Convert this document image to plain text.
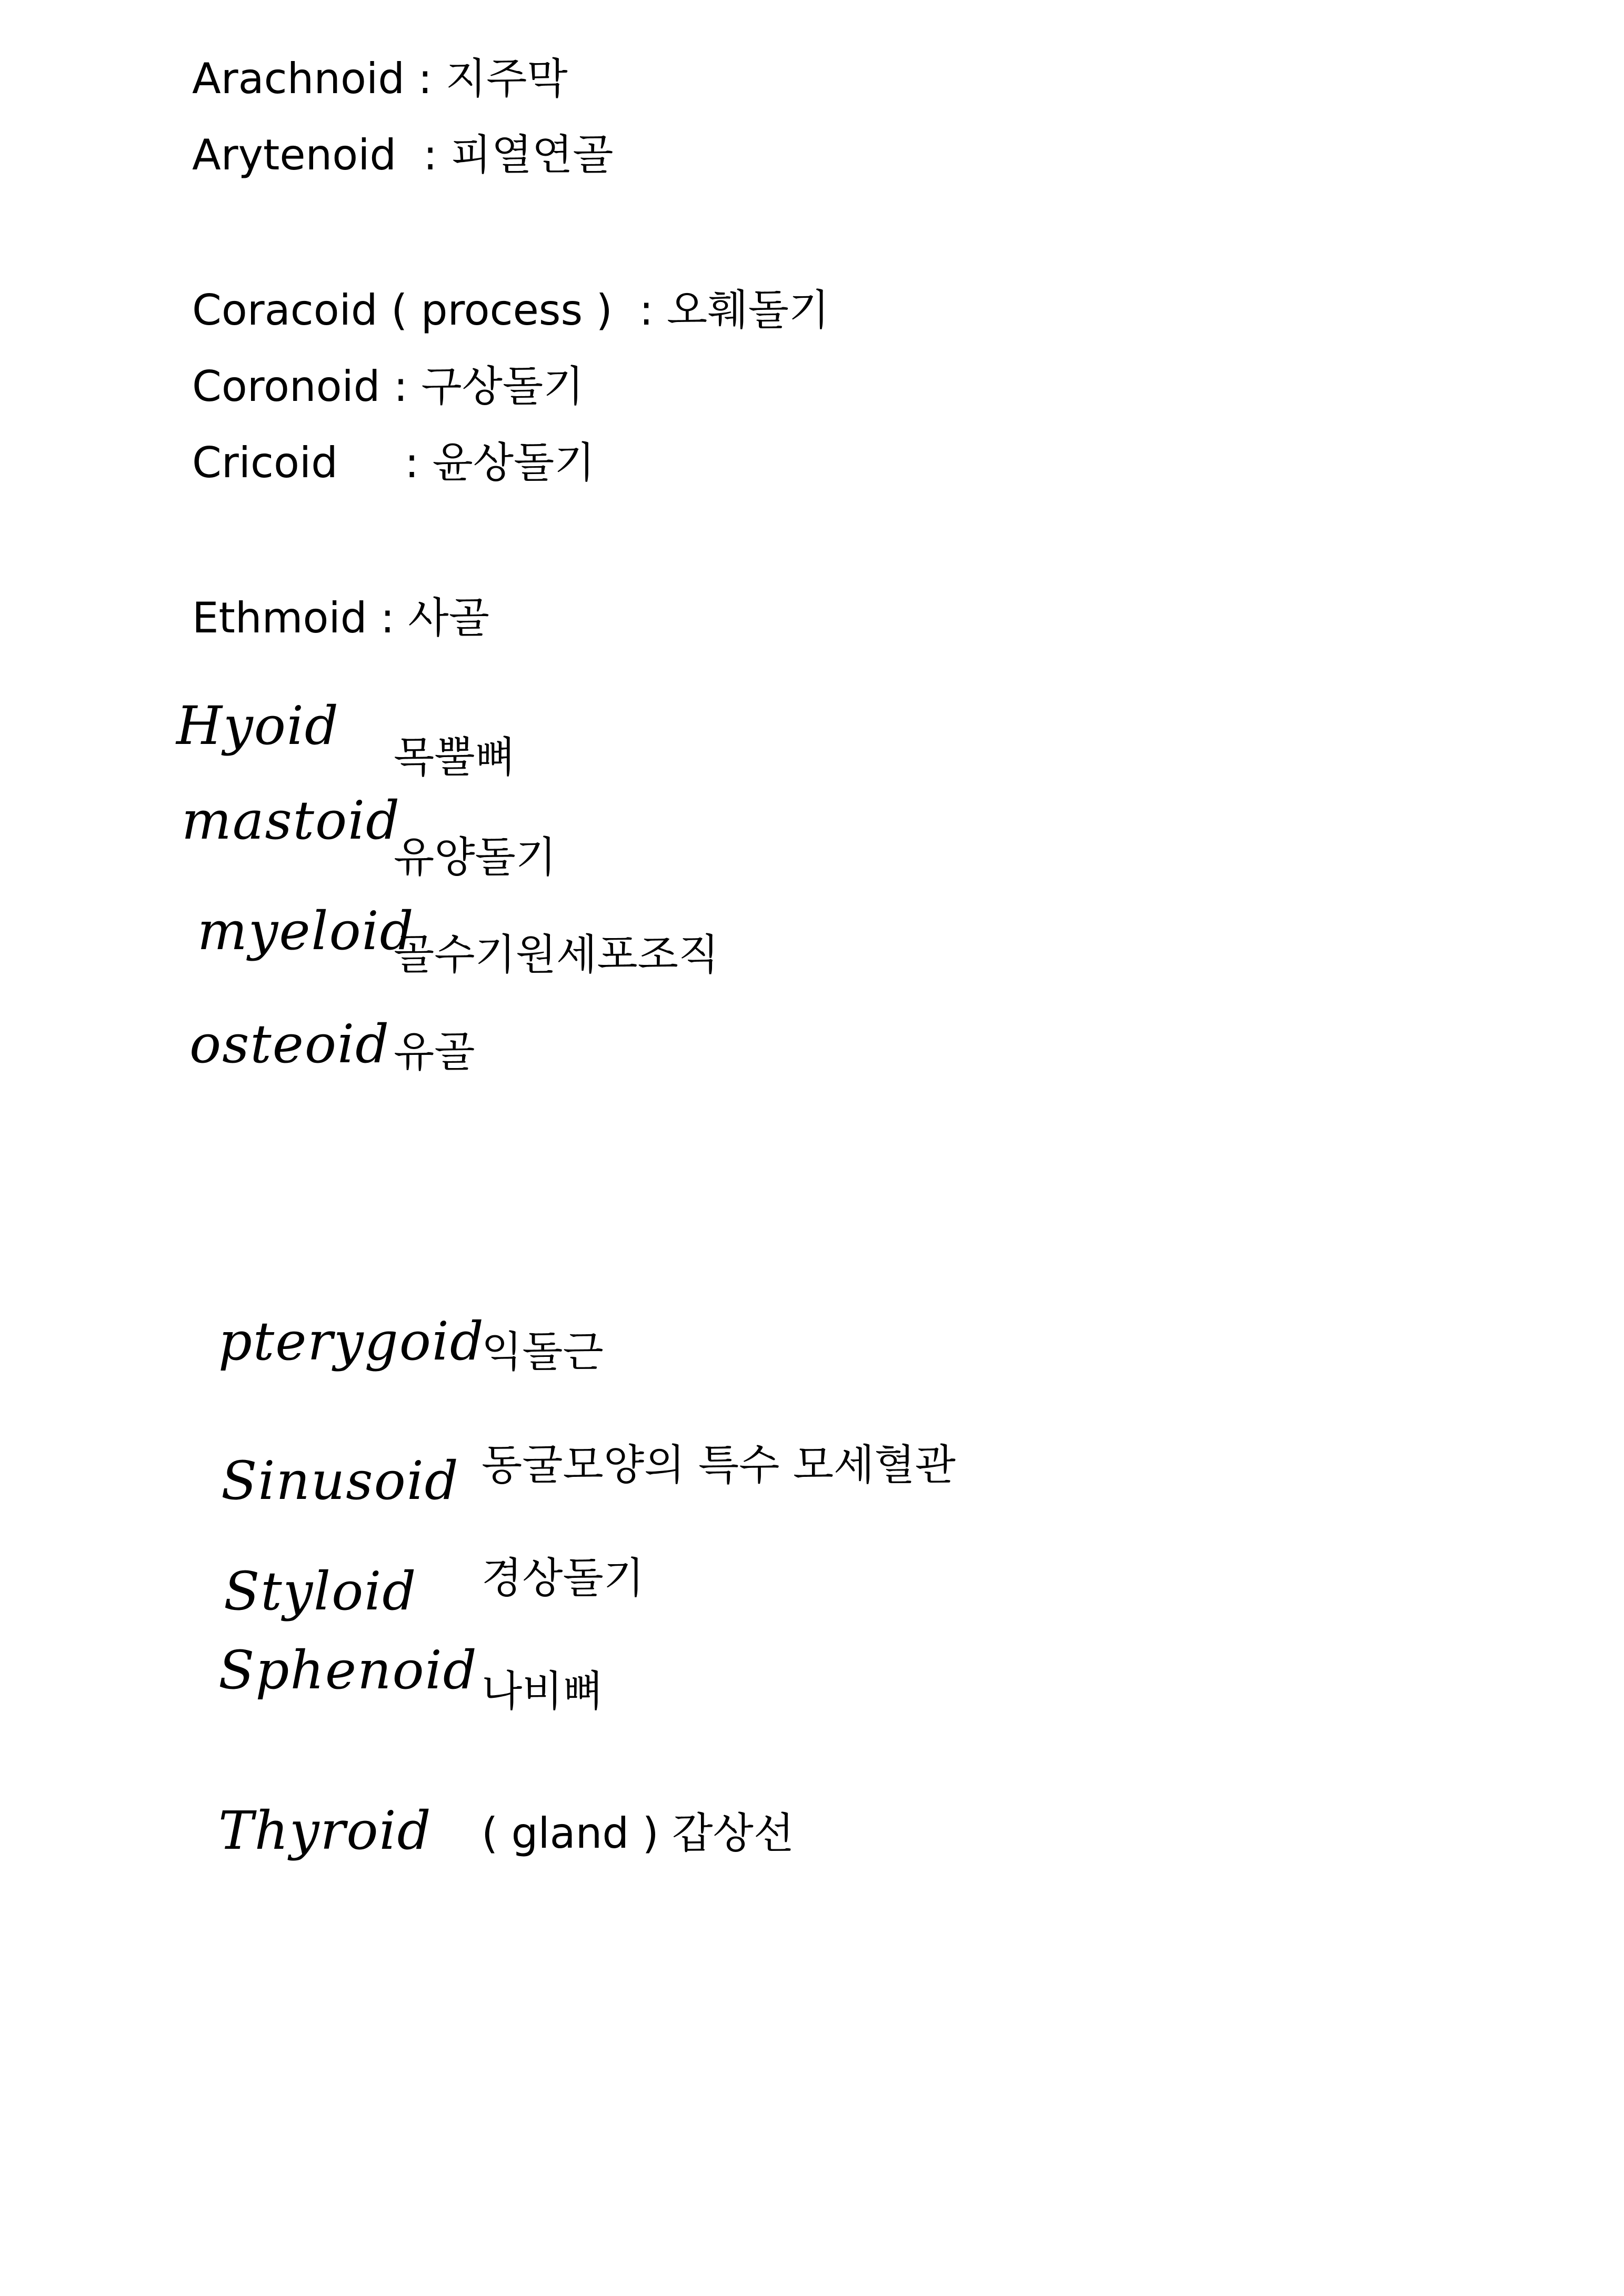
Arachnoid : 지주막
Arytenoid  : 피열연골
Coracoid ( process )  : 오훼돌기
Coronoid : 구상돌기
Cricoid     : 윤상돌기
Ethmoid : 사골
Hyoid
목뿔뼈
mastoid
유양돌기
myeloid
골수기원세포조직
osteoid 유골
pterygoid
익돌근
Sinusoid 동굴모양의 특수 모세혈관
Styloid 경상돌기
Sphenoid 나비뼈
Thyroid ( gland ) 갑상선
